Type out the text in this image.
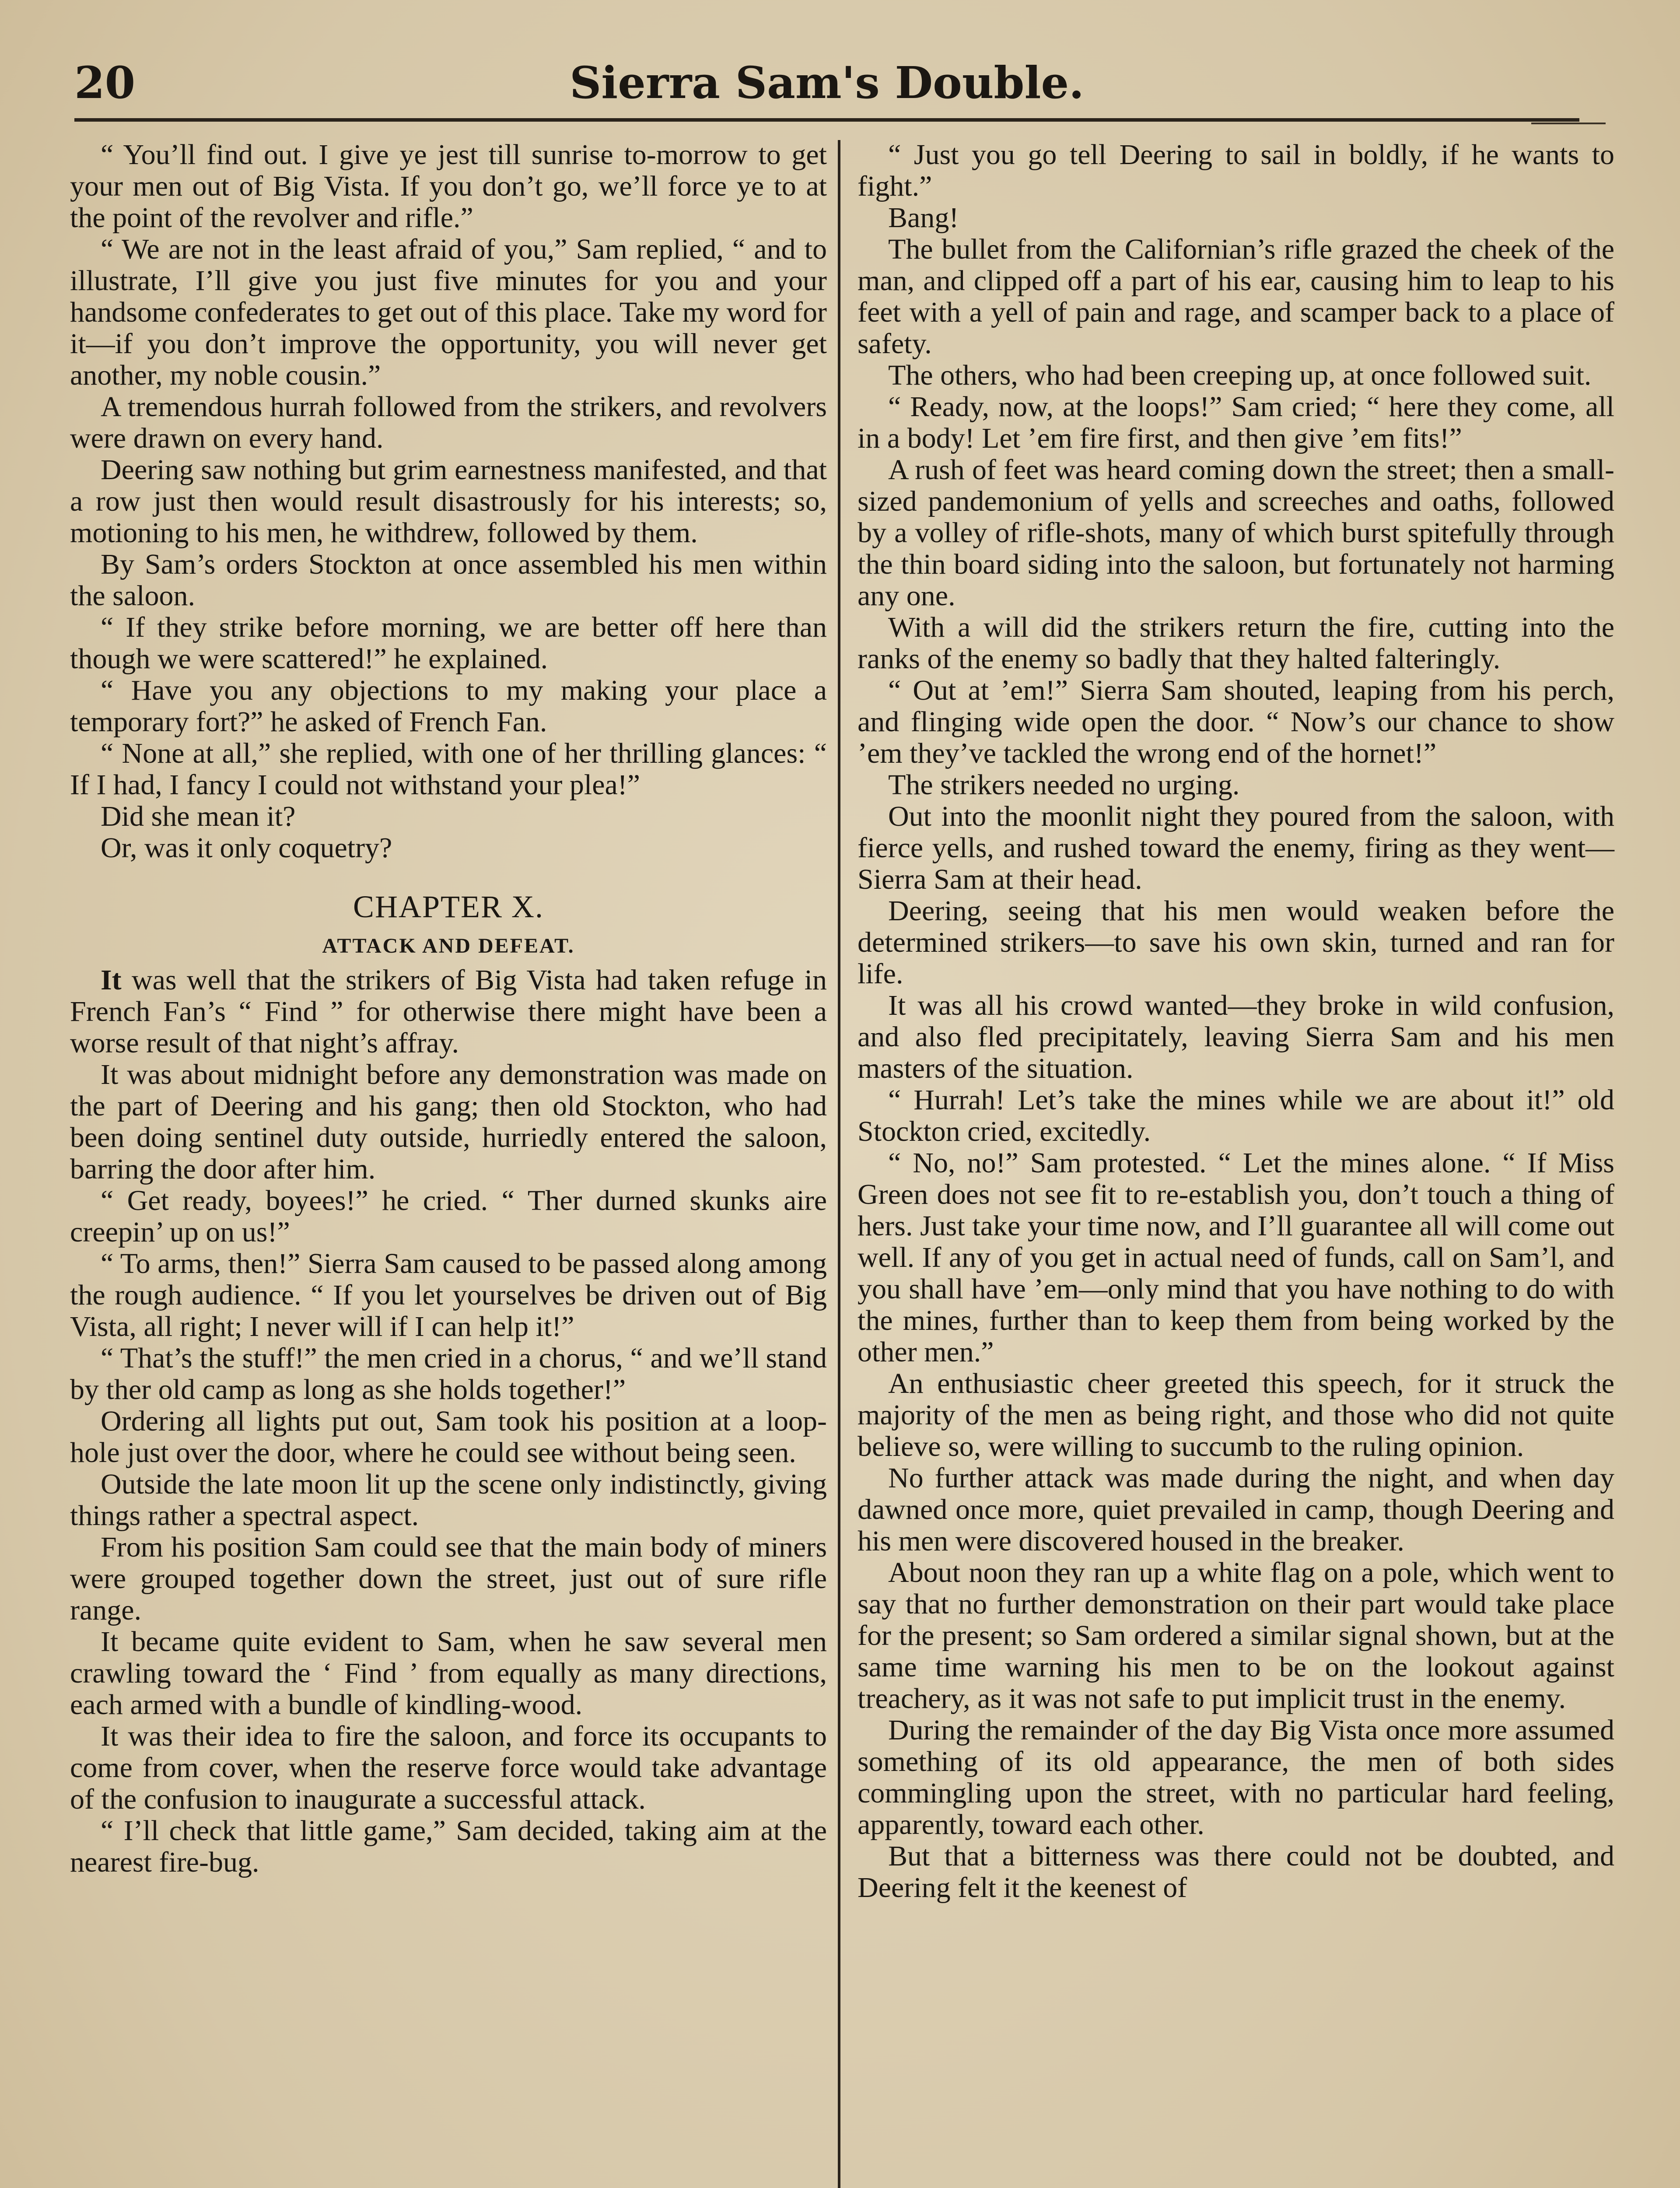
20	Sierra Sam's Double.

“ You’ll find out. I give ye jest till sunrise to-morrow to get your men out of Big Vista. If you don’t go, we’ll force ye to at the point of the revolver and rifle.”

“ We are not in the least afraid of you,” Sam replied, “ and to illustrate, I’ll give you just five minutes for you and your handsome confederates to get out of this place. Take my word for it—if you don’t improve the opportunity, you will never get another, my noble cousin.”

A tremendous hurrah followed from the strikers, and revolvers were drawn on every hand.

Deering saw nothing but grim earnestness manifested, and that a row just then would result disastrously for his interests; so, motioning to his men, he withdrew, followed by them.

By Sam’s orders Stockton at once assembled his men within the saloon.

“ If they strike before morning, we are better off here than though we were scattered!” he explained.

“ Have you any objections to my making your place a temporary fort?” he asked of French Fan.

“ None at all,” she replied, with one of her thrilling glances: “ If I had, I fancy I could not withstand your plea!”

Did she mean it?

Or, was it only coquetry?

CHAPTER X.
ATTACK AND DEFEAT.

It was well that the strikers of Big Vista had taken refuge in French Fan’s “ Find ” for otherwise there might have been a worse result of that night’s affray.

It was about midnight before any demonstration was made on the part of Deering and his gang; then old Stockton, who had been doing sentinel duty outside, hurriedly entered the saloon, barring the door after him.

“ Get ready, boyees!” he cried. “ Ther durned skunks aire creepin’ up on us!”

“ To arms, then!” Sierra Sam caused to be passed along among the rough audience. “ If you let yourselves be driven out of Big Vista, all right; I never will if I can help it!”

“ That’s the stuff!” the men cried in a chorus, “ and we’ll stand by ther old camp as long as she holds together!”

Ordering all lights put out, Sam took his position at a loop-hole just over the door, where he could see without being seen.

Outside the late moon lit up the scene only indistinctly, giving things rather a spectral aspect.

From his position Sam could see that the main body of miners were grouped together down the street, just out of sure rifle range.

It became quite evident to Sam, when he saw several men crawling toward the ‘ Find ’ from equally as many directions, each armed with a bundle of kindling-wood.

It was their idea to fire the saloon, and force its occupants to come from cover, when the reserve force would take advantage of the confusion to inaugurate a successful attack.

“ I’ll check that little game,” Sam decided, taking aim at the nearest fire-bug.

“ Just you go tell Deering to sail in boldly, if he wants to fight.”

Bang!

The bullet from the Californian’s rifle grazed the cheek of the man, and clipped off a part of his ear, causing him to leap to his feet with a yell of pain and rage, and scamper back to a place of safety.

The others, who had been creeping up, at once followed suit.

“ Ready, now, at the loops!” Sam cried; “ here they come, all in a body! Let ’em fire first, and then give ’em fits!”

A rush of feet was heard coming down the street; then a small-sized pandemonium of yells and screeches and oaths, followed by a volley of rifle-shots, many of which burst spitefully through the thin board siding into the saloon, but fortunately not harming any one.

With a will did the strikers return the fire, cutting into the ranks of the enemy so badly that they halted falteringly.

“ Out at ’em!” Sierra Sam shouted, leaping from his perch, and flinging wide open the door. “ Now’s our chance to show ’em they’ve tackled the wrong end of the hornet!”

The strikers needed no urging.

Out into the moonlit night they poured from the saloon, with fierce yells, and rushed toward the enemy, firing as they went—Sierra Sam at their head.

Deering, seeing that his men would weaken before the determined strikers—to save his own skin, turned and ran for life.

It was all his crowd wanted—they broke in wild confusion, and also fled precipitately, leaving Sierra Sam and his men masters of the situation.

“ Hurrah! Let’s take the mines while we are about it!” old Stockton cried, excitedly.

“ No, no!” Sam protested. “ Let the mines alone. “ If Miss Green does not see fit to re-establish you, don’t touch a thing of hers. Just take your time now, and I’ll guarantee all will come out well. If any of you get in actual need of funds, call on Sam’l, and you shall have ’em—only mind that you have nothing to do with the mines, further than to keep them from being worked by the other men.”

An enthusiastic cheer greeted this speech, for it struck the majority of the men as being right, and those who did not quite believe so, were willing to succumb to the ruling opinion.

No further attack was made during the night, and when day dawned once more, quiet prevailed in camp, though Deering and his men were discovered housed in the breaker.

About noon they ran up a white flag on a pole, which went to say that no further demonstration on their part would take place for the present; so Sam ordered a similar signal shown, but at the same time warning his men to be on the lookout against treachery, as it was not safe to put implicit trust in the enemy.

During the remainder of the day Big Vista once more assumed something of its old appearance, the men of both sides commingling upon the street, with no particular hard feeling, apparently, toward each other.

But that a bitterness was there could not be doubted, and Deering felt it the keenest of
